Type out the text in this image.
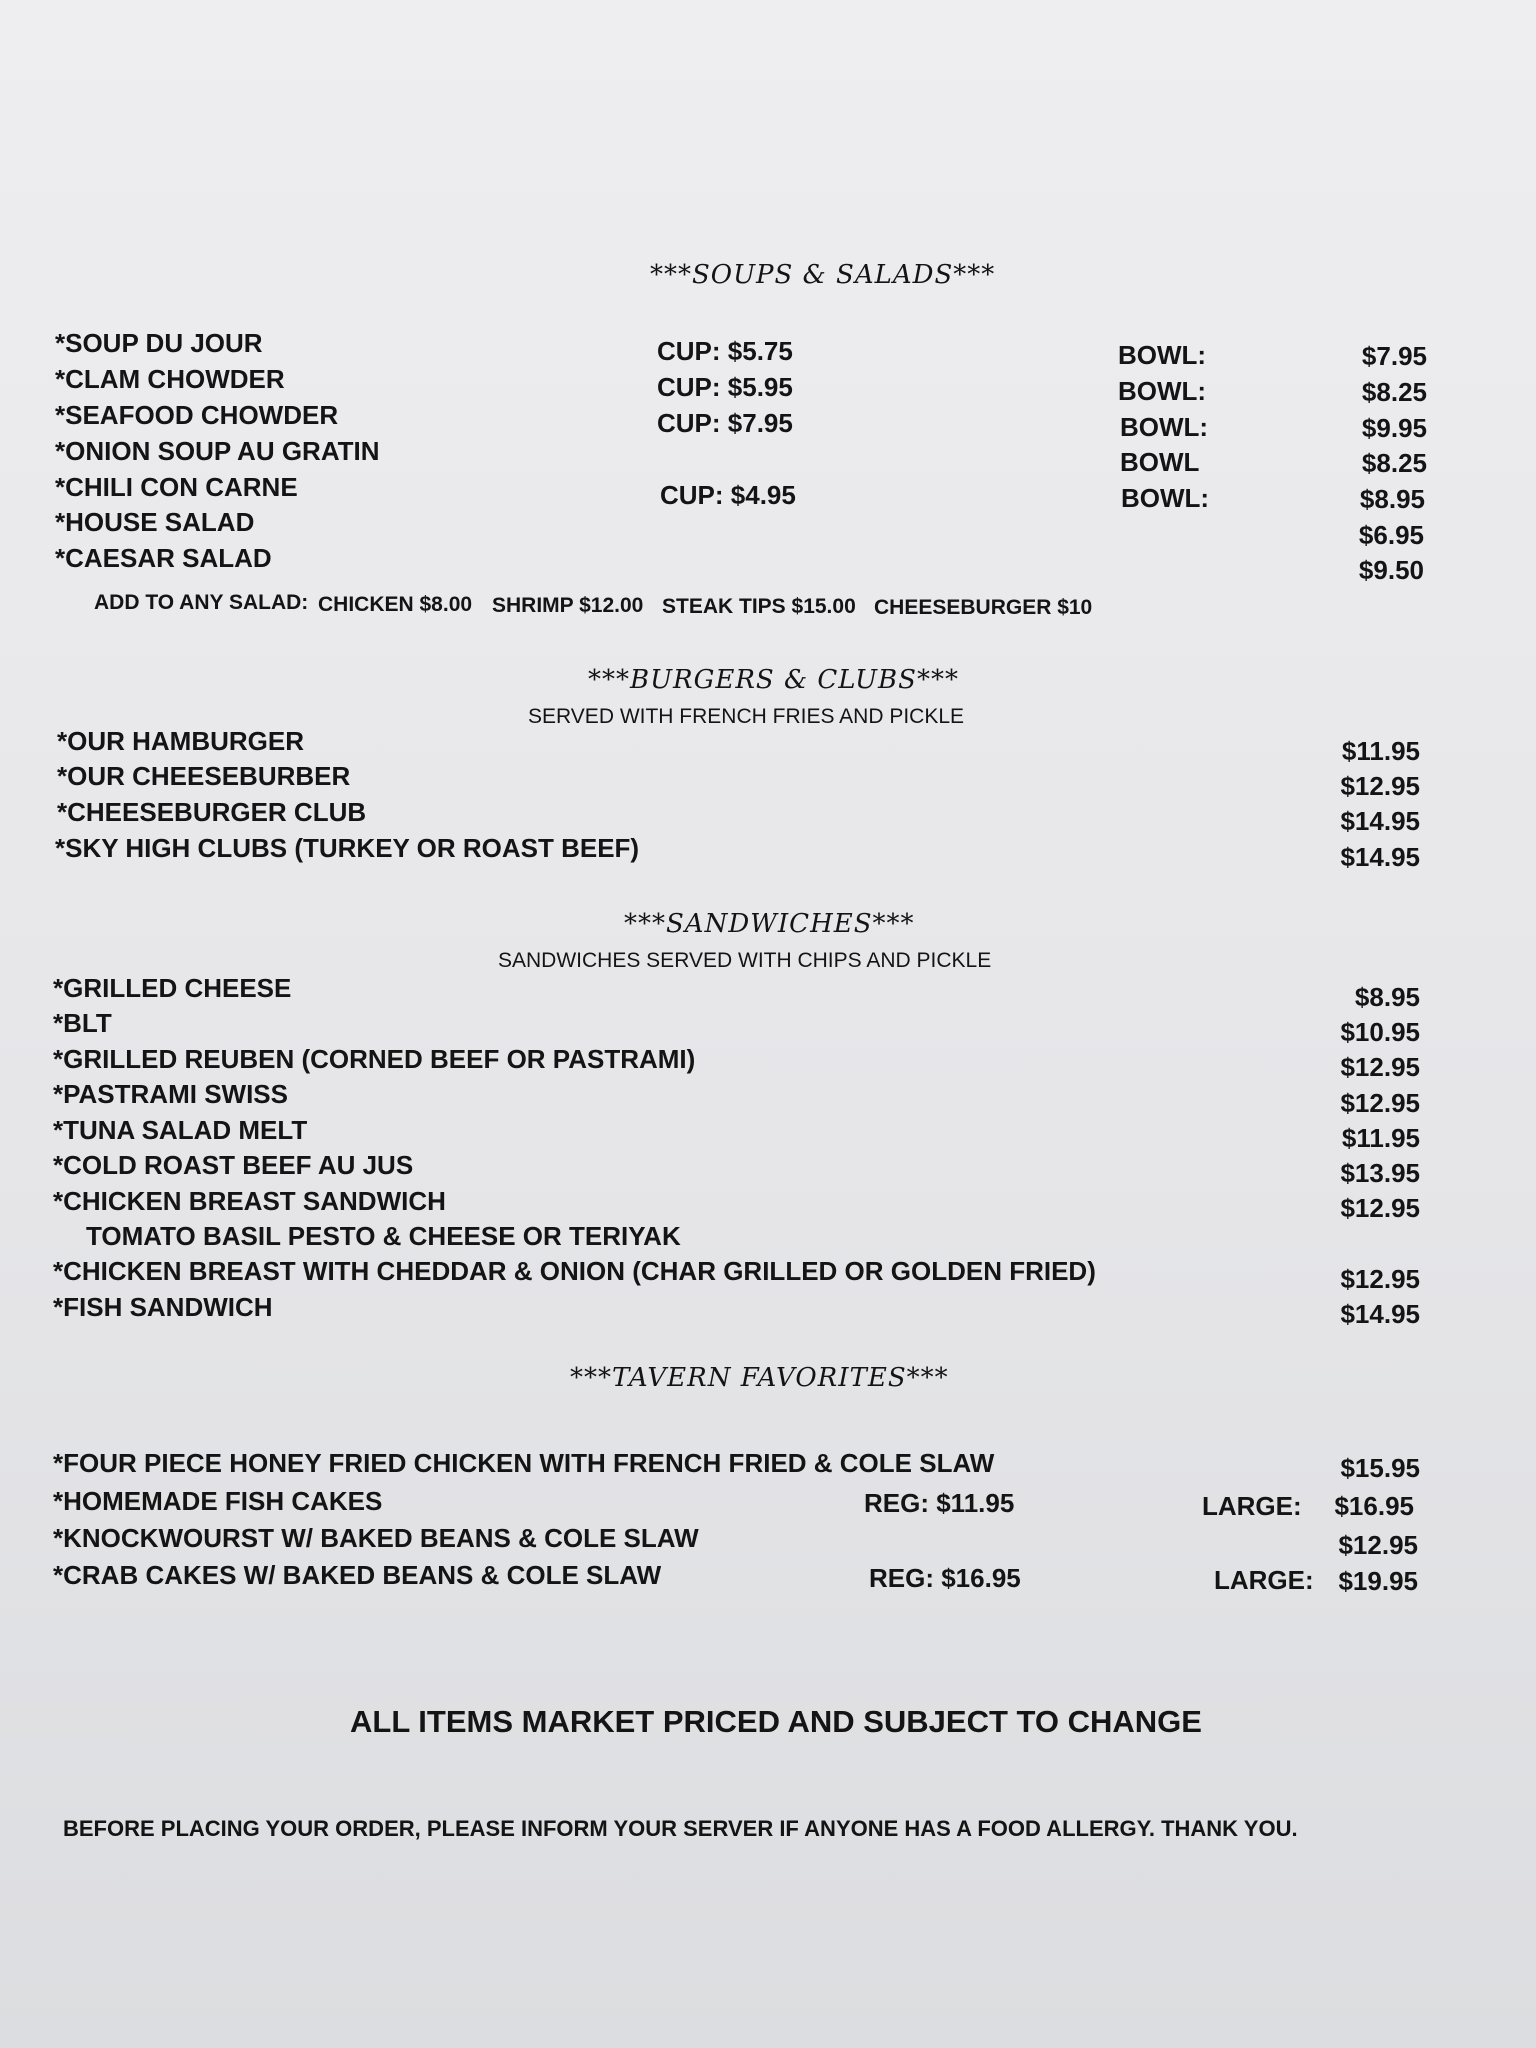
***SOUPS & SALADS***
*SOUP DU JOUR	CUP: $5.75	BOWL:	$7.95
*CLAM CHOWDER	CUP: $5.95	BOWL:	$8.25
*SEAFOOD CHOWDER	CUP: $7.95	BOWL:	$9.95
*ONION SOUP AU GRATIN	BOWL	$8.25
*CHILI CON CARNE	CUP: $4.95	BOWL:	$8.95
*HOUSE SALAD	$6.95
*CAESAR SALAD	$9.50
ADD TO ANY SALAD: CHICKEN $8.00 SHRIMP $12.00 STEAK TIPS $15.00 CHEESEBURGER $10
***BURGERS & CLUBS***
SERVED WITH FRENCH FRIES AND PICKLE
*OUR HAMBURGER	$11.95
*OUR CHEESEBURBER	$12.95
*CHEESEBURGER CLUB	$14.95
*SKY HIGH CLUBS (TURKEY OR ROAST BEEF)	$14.95
***SANDWICHES***
SANDWICHES SERVED WITH CHIPS AND PICKLE
*GRILLED CHEESE	$8.95
*BLT	$10.95
*GRILLED REUBEN (CORNED BEEF OR PASTRAMI)	$12.95
*PASTRAMI SWISS	$12.95
*TUNA SALAD MELT	$11.95
*COLD ROAST BEEF AU JUS	$13.95
*CHICKEN BREAST SANDWICH	$12.95
TOMATO BASIL PESTO & CHEESE OR TERIYAK
*CHICKEN BREAST WITH CHEDDAR & ONION (CHAR GRILLED OR GOLDEN FRIED)	$12.95
*FISH SANDWICH	$14.95
***TAVERN FAVORITES***
*FOUR PIECE HONEY FRIED CHICKEN WITH FRENCH FRIED & COLE SLAW	$15.95
*HOMEMADE FISH CAKES	REG: $11.95	LARGE: $16.95
*KNOCKWOURST W/ BAKED BEANS & COLE SLAW	$12.95
*CRAB CAKES W/ BAKED BEANS & COLE SLAW	REG: $16.95	LARGE: $19.95
ALL ITEMS MARKET PRICED AND SUBJECT TO CHANGE
BEFORE PLACING YOUR ORDER, PLEASE INFORM YOUR SERVER IF ANYONE HAS A FOOD ALLERGY. THANK YOU.
